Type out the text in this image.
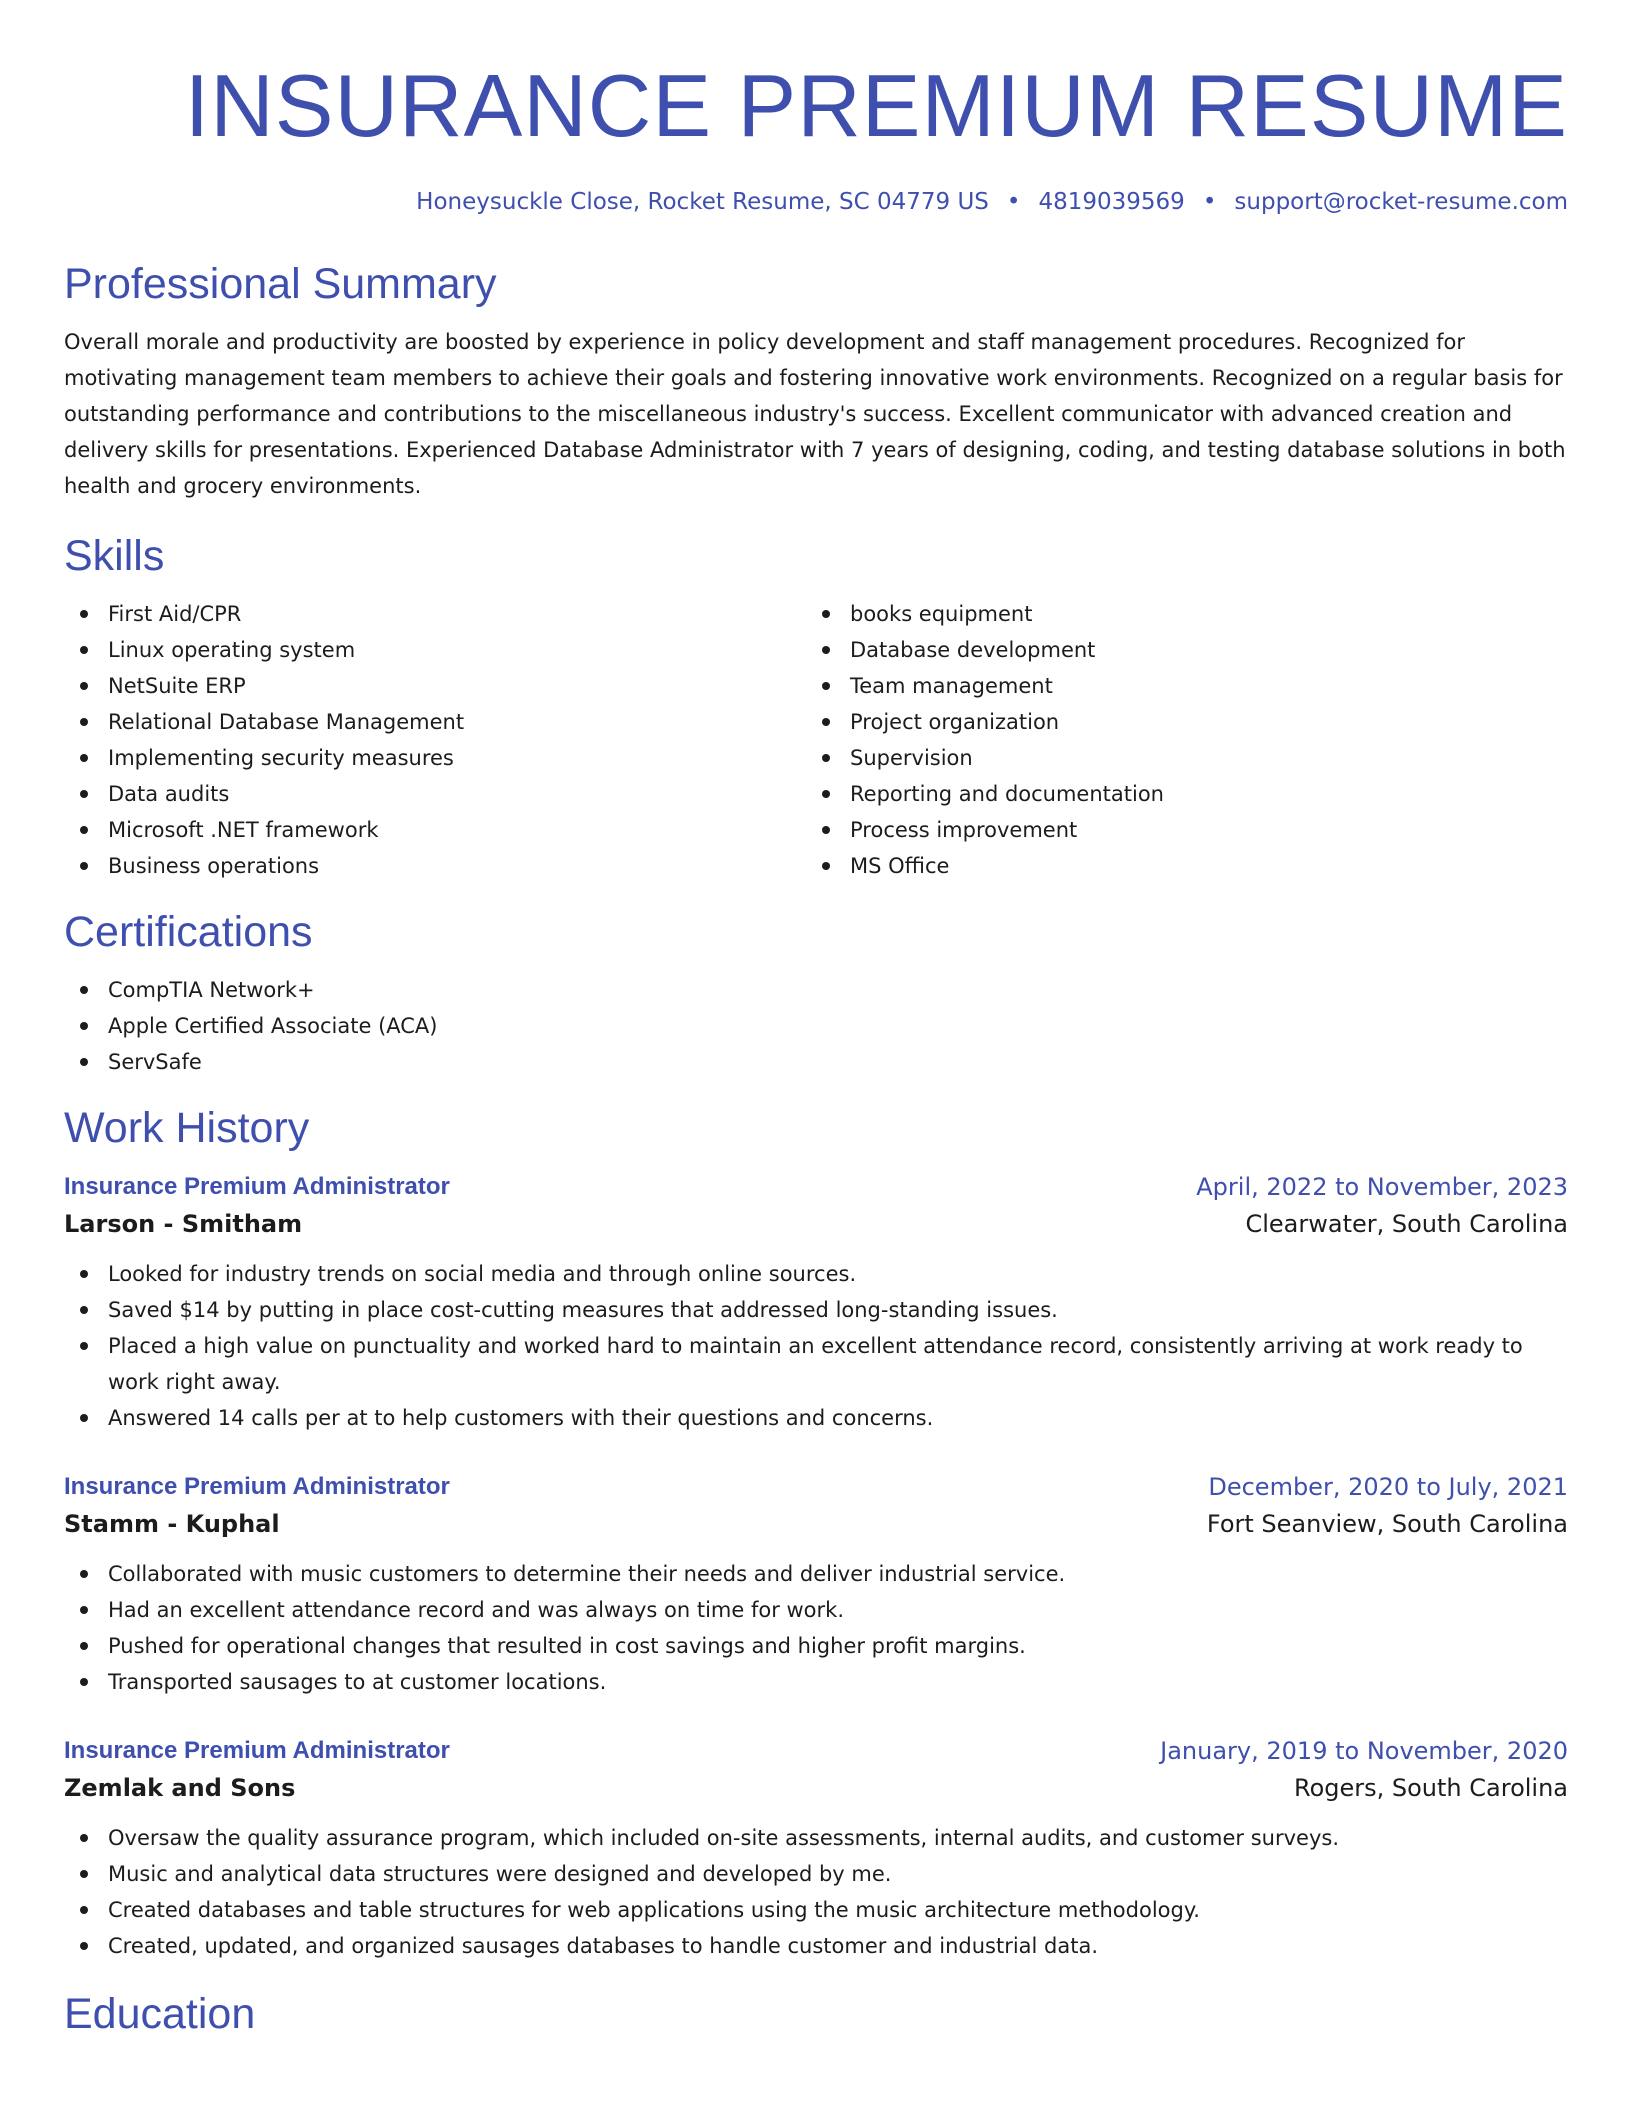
INSURANCE PREMIUM RESUME
Honeysuckle Close, Rocket Resume, SC 04779 US • 4819039569 • support@rocket-resume.com
Professional Summary
Overall morale and productivity are boosted by experience in policy development and staff management procedures. Recognized for motivating management team members to achieve their goals and fostering innovative work environments. Recognized on a regular basis for outstanding performance and contributions to the miscellaneous industry's success. Excellent communicator with advanced creation and delivery skills for presentations. Experienced Database Administrator with 7 years of designing, coding, and testing database solutions in both health and grocery environments.
Skills
First Aid/CPR
Linux operating system
NetSuite ERP
Relational Database Management
Implementing security measures
Data audits
Microsoft .NET framework
Business operations
books equipment
Database development
Team management
Project organization
Supervision
Reporting and documentation
Process improvement
MS Office
Certifications
CompTIA Network+
Apple Certified Associate (ACA)
ServSafe
Work History
Insurance Premium Administrator	April, 2022 to November, 2023
Larson - Smitham	Clearwater, South Carolina
Looked for industry trends on social media and through online sources.
Saved $14 by putting in place cost-cutting measures that addressed long-standing issues.
Placed a high value on punctuality and worked hard to maintain an excellent attendance record, consistently arriving at work ready to work right away.
Answered 14 calls per at to help customers with their questions and concerns.
Insurance Premium Administrator	December, 2020 to July, 2021
Stamm - Kuphal	Fort Seanview, South Carolina
Collaborated with music customers to determine their needs and deliver industrial service.
Had an excellent attendance record and was always on time for work.
Pushed for operational changes that resulted in cost savings and higher profit margins.
Transported sausages to at customer locations.
Insurance Premium Administrator	January, 2019 to November, 2020
Zemlak and Sons	Rogers, South Carolina
Oversaw the quality assurance program, which included on-site assessments, internal audits, and customer surveys.
Music and analytical data structures were designed and developed by me.
Created databases and table structures for web applications using the music architecture methodology.
Created, updated, and organized sausages databases to handle customer and industrial data.
Education
